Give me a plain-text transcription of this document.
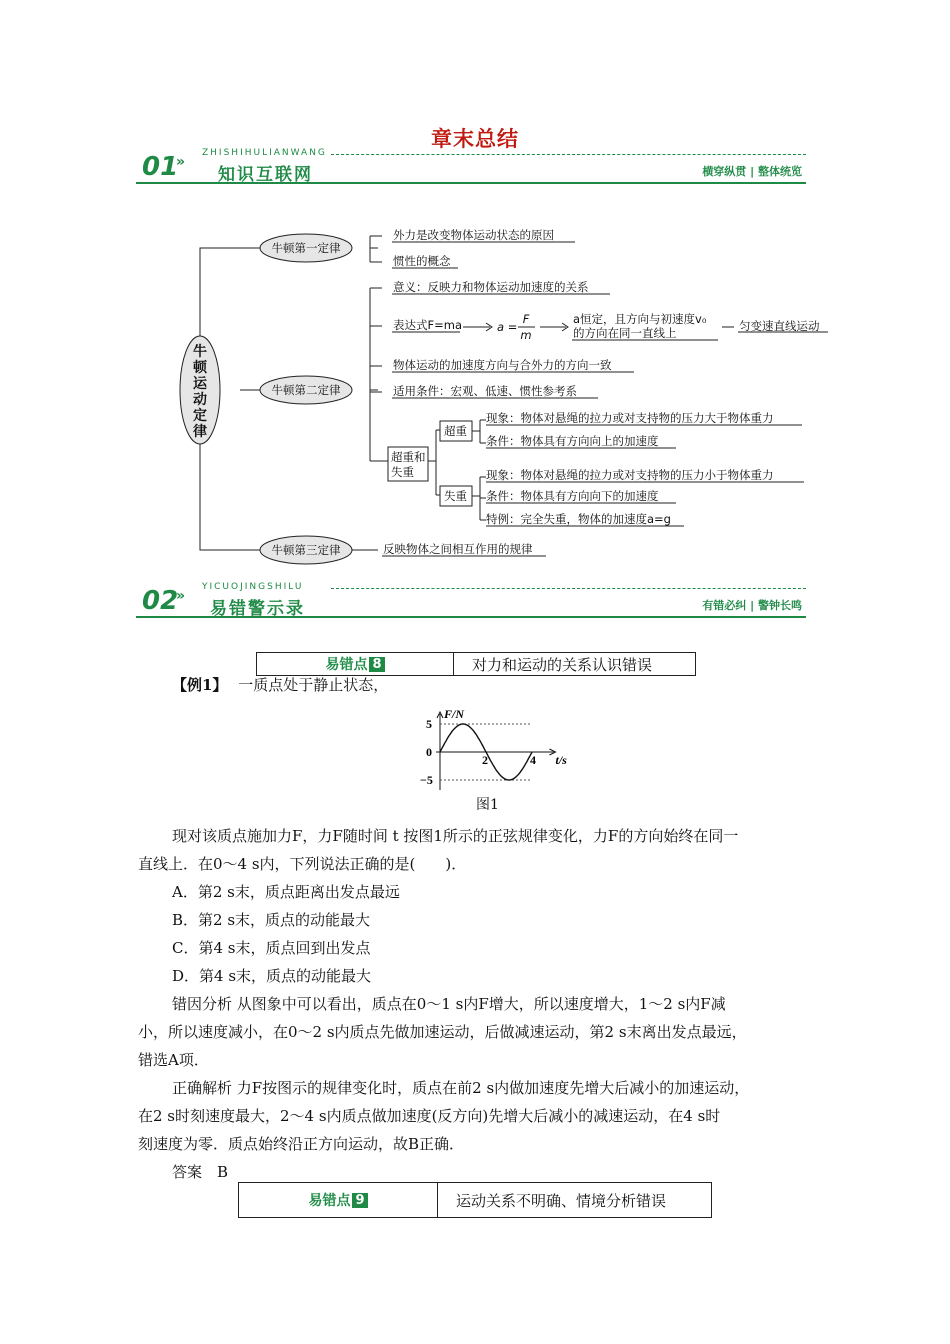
章末总结
01
»
ZHISHIHULIANWANG
知识互联网	横穿纵贯 | 整体统览
牛
顿
运
动
定
律
牛顿第一定律
牛顿第二定律
牛顿第三定律
外力是改变物体运动状态的原因
惯性的概念
意义：反映力和物体运动加速度的关系
表达式F=ma	a =
F
m
a恒定，且方向与初速度v₀
的方向在同一直线上	匀变速直线运动
物体运动的加速度方向与合外力的方向一致
适用条件：宏观、低速、惯性参考系
超重和
失重
超重
失重
现象：物体对悬绳的拉力或对支持物的压力大于物体重力
条件：物体具有方向向上的加速度
现象：物体对悬绳的拉力或对支持物的压力小于物体重力
条件：物体具有方向向下的加速度
特例：完全失重，物体的加速度a=g
反映物体之间相互作用的规律
02
»
YICUOJINGSHILU
易错警示录	有错必纠 | 警钟长鸣
易错点 8	对力和运动的关系认识错误
【例1】 一质点处于静止状态，
F/N
t/s
5
0
−5
2	4
图1
现对该质点施加力F，力F随时间 t 按图1所示的正弦规律变化，力F的方向始终在同一
直线上．在0～4 s内，下列说法正确的是(　　)．
A．第2 s末，质点距离出发点最远
B．第2 s末，质点的动能最大
C．第4 s末，质点回到出发点
D．第4 s末，质点的动能最大
错因分析 从图象中可以看出，质点在0～1 s内F增大，所以速度增大，1～2 s内F减
小，所以速度减小，在0～2 s内质点先做加速运动，后做减速运动，第2 s末离出发点最远，
错选A项．
正确解析 力F按图示的规律变化时，质点在前2 s内做加速度先增大后减小的加速运动，
在2 s时刻速度最大，2～4 s内质点做加速度(反方向)先增大后减小的减速运动，在4 s时
刻速度为零．质点始终沿正方向运动，故B正确．
答案　B
易错点 9	运动关系不明确、情境分析错误
